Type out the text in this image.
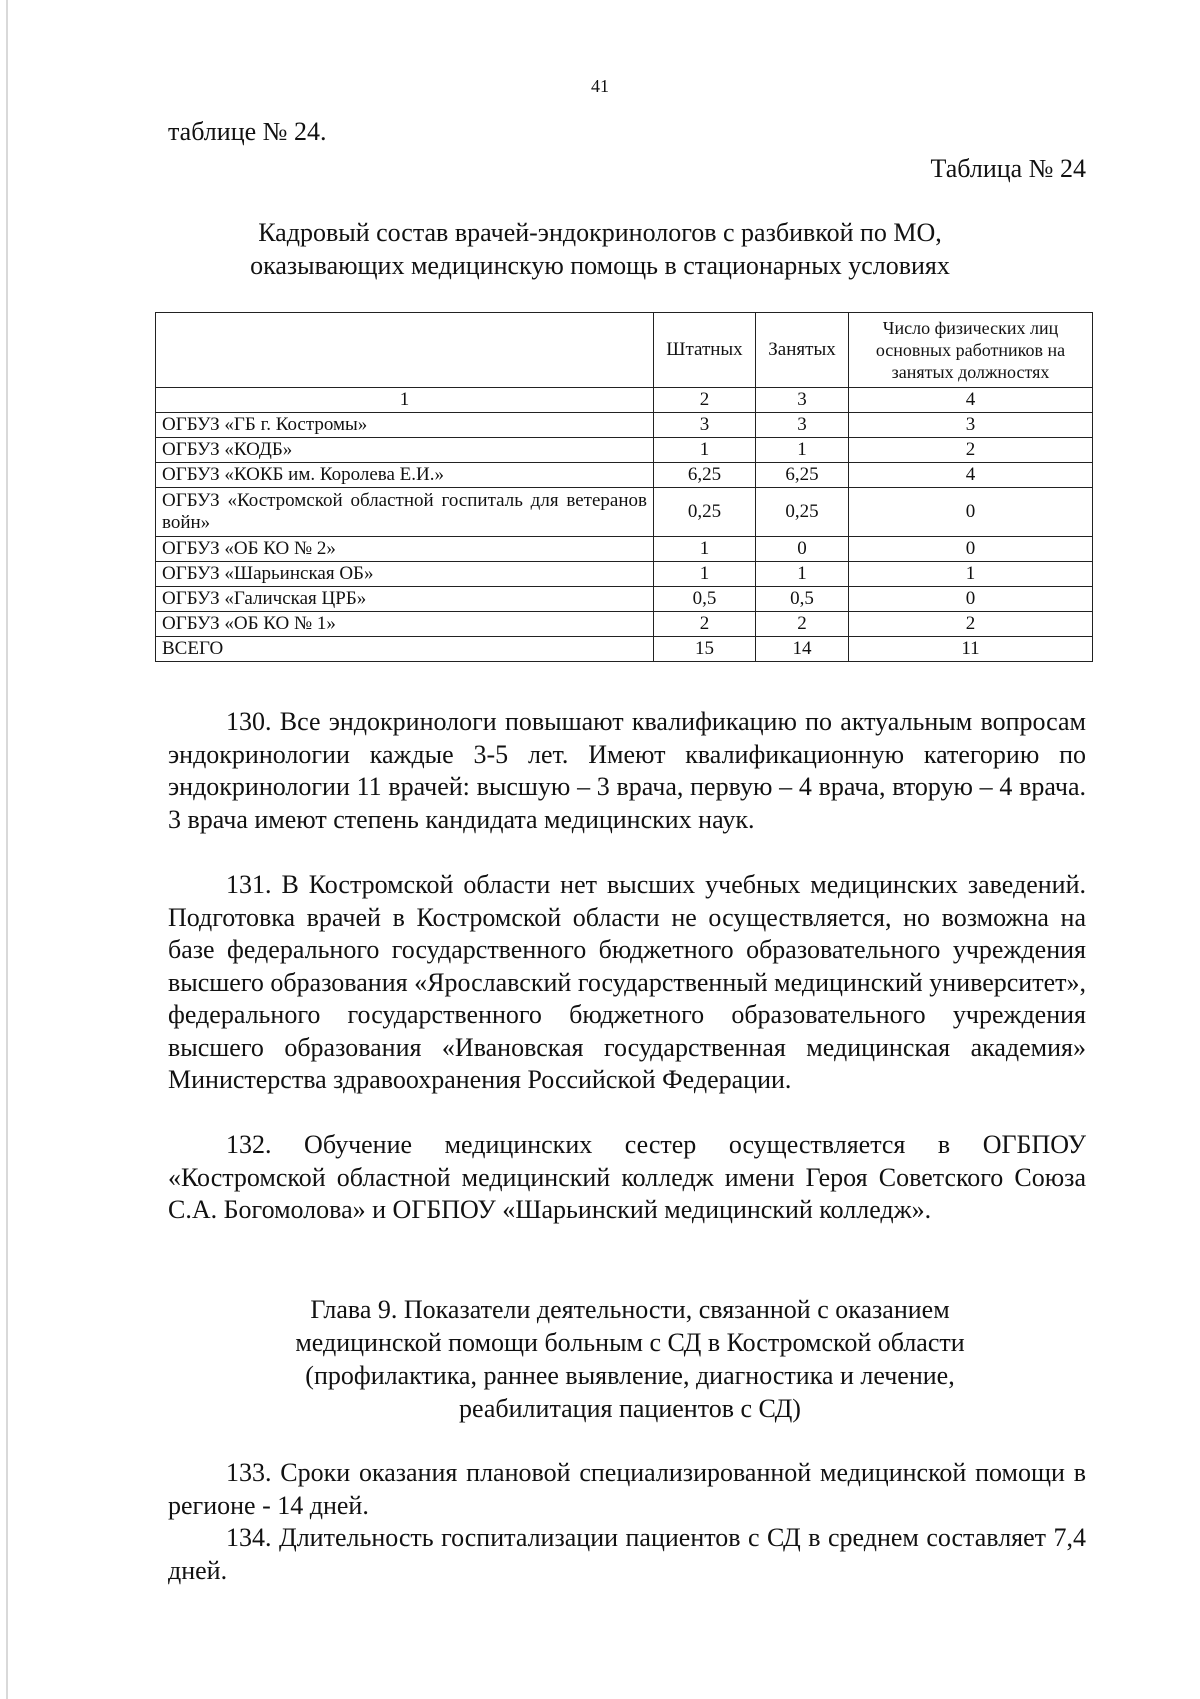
41
таблице № 24.
Таблица № 24
Кадровый состав врачей-эндокринологов с разбивкой по МО,
оказывающих медицинскую помощь в стационарных условиях
	Штатных	Занятых	Число физических лиц основных работников на занятых должностях
1	2	3	4
ОГБУЗ «ГБ г. Костромы»	3	3	3
ОГБУЗ «КОДБ»	1	1	2
ОГБУЗ «КОКБ им. Королева Е.И.»	6,25	6,25	4
ОГБУЗ «Костромской областной госпиталь для ветеранов войн»	0,25	0,25	0
ОГБУЗ «ОБ КО № 2»	1	0	0
ОГБУЗ «Шарьинская ОБ»	1	1	1
ОГБУЗ «Галичская ЦРБ»	0,5	0,5	0
ОГБУЗ «ОБ КО № 1»	2	2	2
ВСЕГО	15	14	11

130. Все эндокринологи повышают квалификацию по актуальным вопросам эндокринологии каждые 3-5 лет. Имеют квалификационную категорию по эндокринологии 11 врачей: высшую – 3 врача, первую – 4 врача, вторую – 4 врача. 3 врача имеют степень кандидата медицинских наук.

131. В Костромской области нет высших учебных медицинских заведений. Подготовка врачей в Костромской области не осуществляется, но возможна на базе федерального государственного бюджетного образовательного учреждения высшего образования «Ярославский государственный медицинский университет», федерального государственного бюджетного образовательного учреждения высшего образования «Ивановская государственная медицинская академия» Министерства здравоохранения Российской Федерации.

132. Обучение медицинских сестер осуществляется в ОГБПОУ «Костромской областной медицинский колледж имени Героя Советского Союза С.А. Богомолова» и ОГБПОУ «Шарьинский медицинский колледж».

Глава 9. Показатели деятельности, связанной с оказанием
медицинской помощи больным с СД в Костромской области
(профилактика, раннее выявление, диагностика и лечение,
реабилитация пациентов с СД)

133. Сроки оказания плановой специализированной медицинской помощи в регионе - 14 дней.

134. Длительность госпитализации пациентов с СД в среднем составляет 7,4 дней.
